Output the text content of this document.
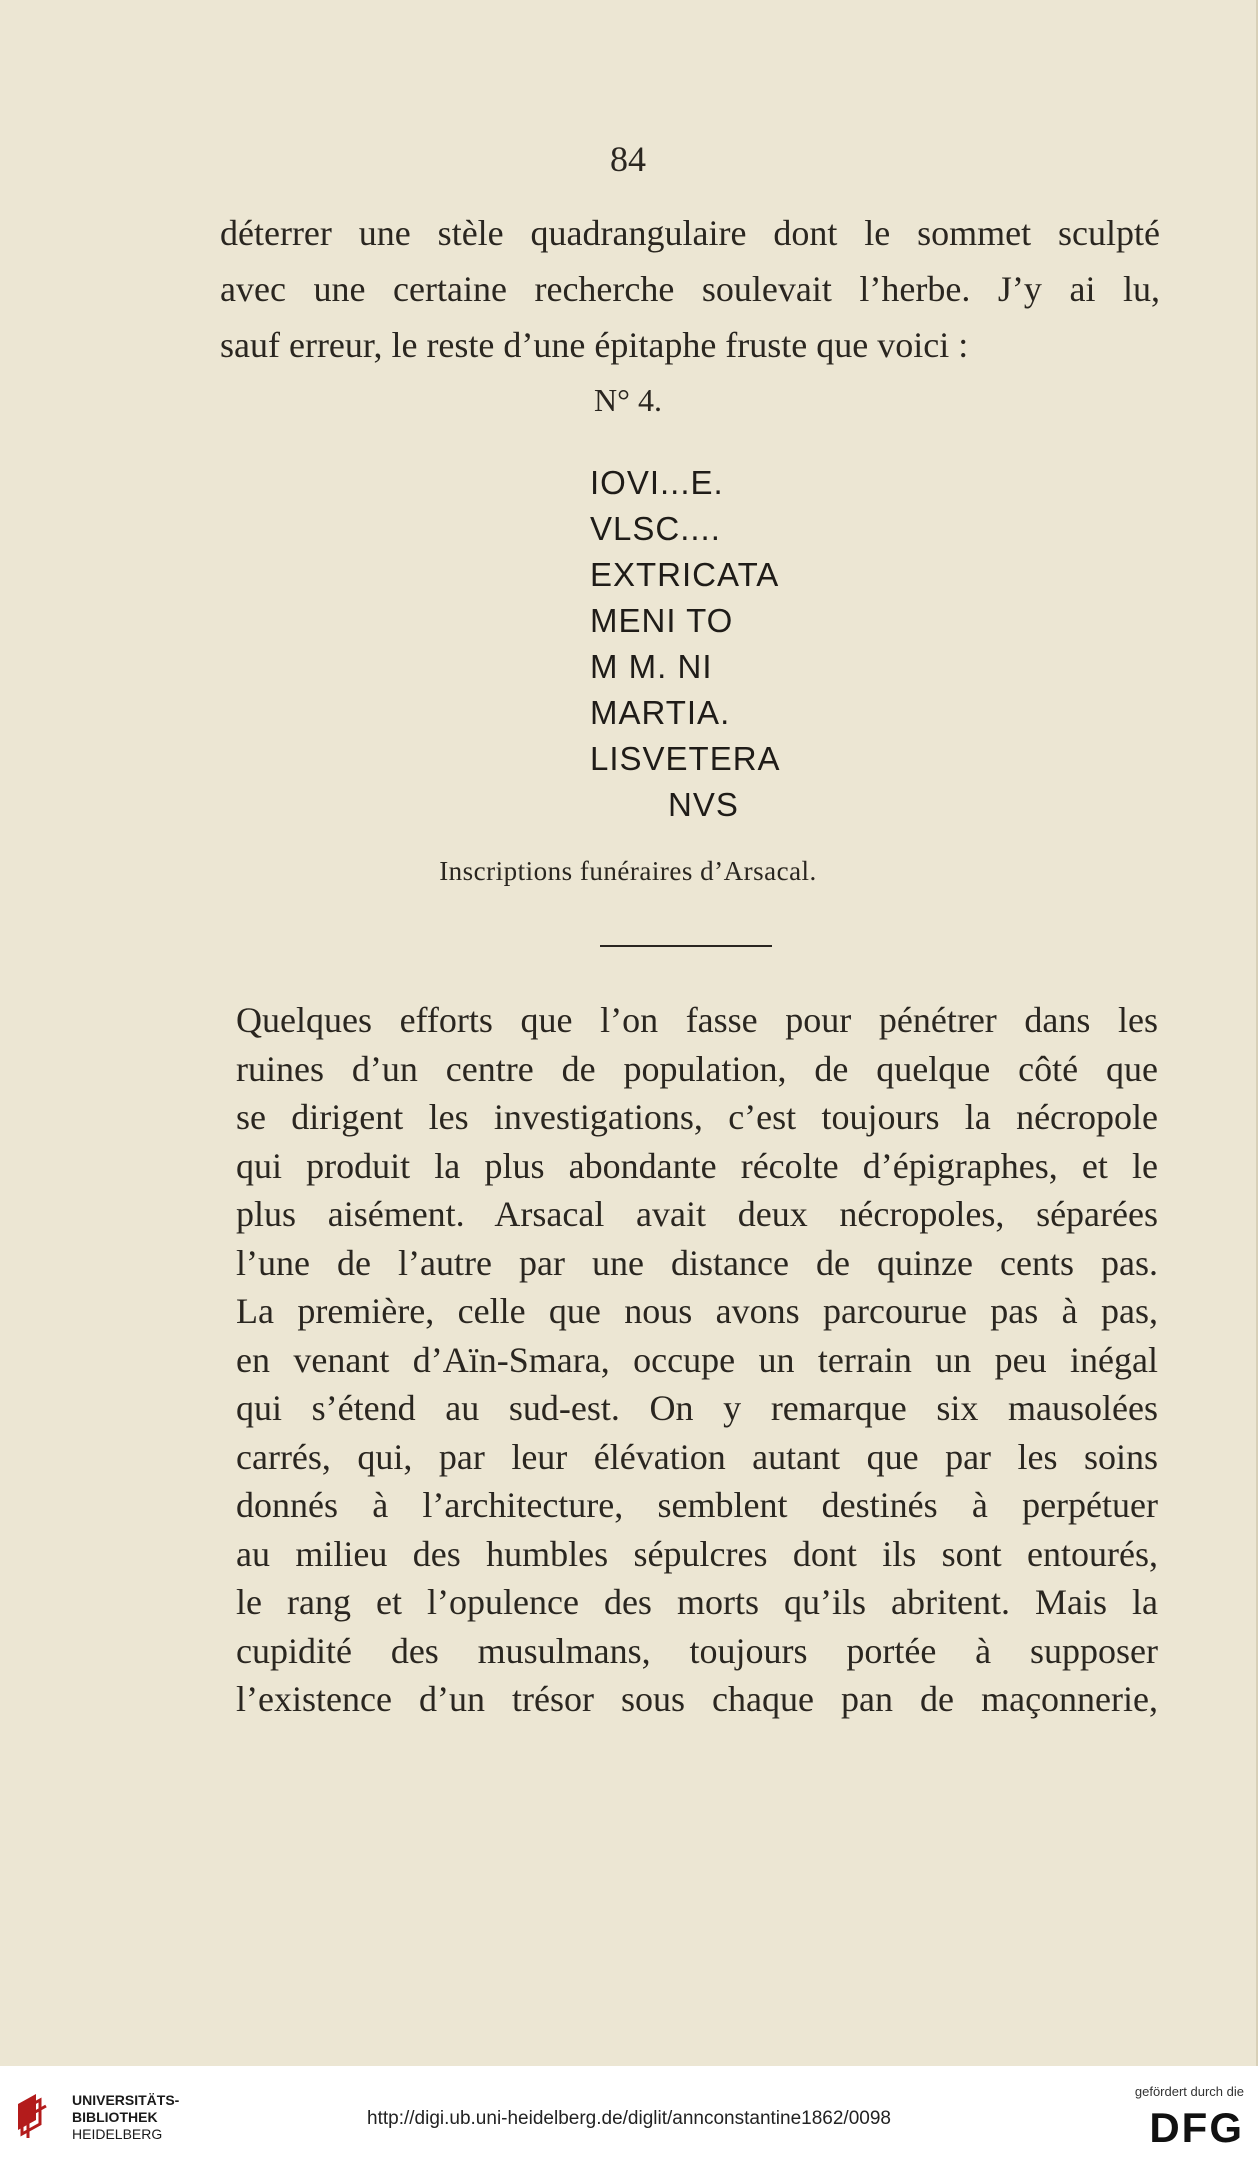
84
déterrer une stèle quadrangulaire dont le sommet sculpté
avec une certaine recherche soulevait l’herbe. J’y ai lu,
sauf erreur, le reste d’une épitaphe fruste que voici :
N° 4.
IOVI...E.
VLSC....
EXTRICATA
MENI TO
M M. NI
MARTIA.
LISVETERA
NVS
Inscriptions funéraires d’Arsacal.
Quelques efforts que l’on fasse pour pénétrer dans les
ruines d’un centre de population, de quelque côté que
se dirigent les investigations, c’est toujours la nécropole
qui produit la plus abondante récolte d’épigraphes, et le
plus aisément. Arsacal avait deux nécropoles, séparées
l’une de l’autre par une distance de quinze cents pas.
La première, celle que nous avons parcourue pas à pas,
en venant d’Aïn-Smara, occupe un terrain un peu inégal
qui s’étend au sud-est. On y remarque six mausolées
carrés, qui, par leur élévation autant que par les soins
donnés à l’architecture, semblent destinés à perpétuer
au milieu des humbles sépulcres dont ils sont entourés,
le rang et l’opulence des morts qu’ils abritent. Mais la
cupidité des musulmans, toujours portée à supposer
l’existence d’un trésor sous chaque pan de maçonnerie,
UNIVERSITÄTS-
BIBLIOTHEK
HEIDELBERG
http://digi.ub.uni-heidelberg.de/diglit/annconstantine1862/0098
gefördert durch die
DFG
